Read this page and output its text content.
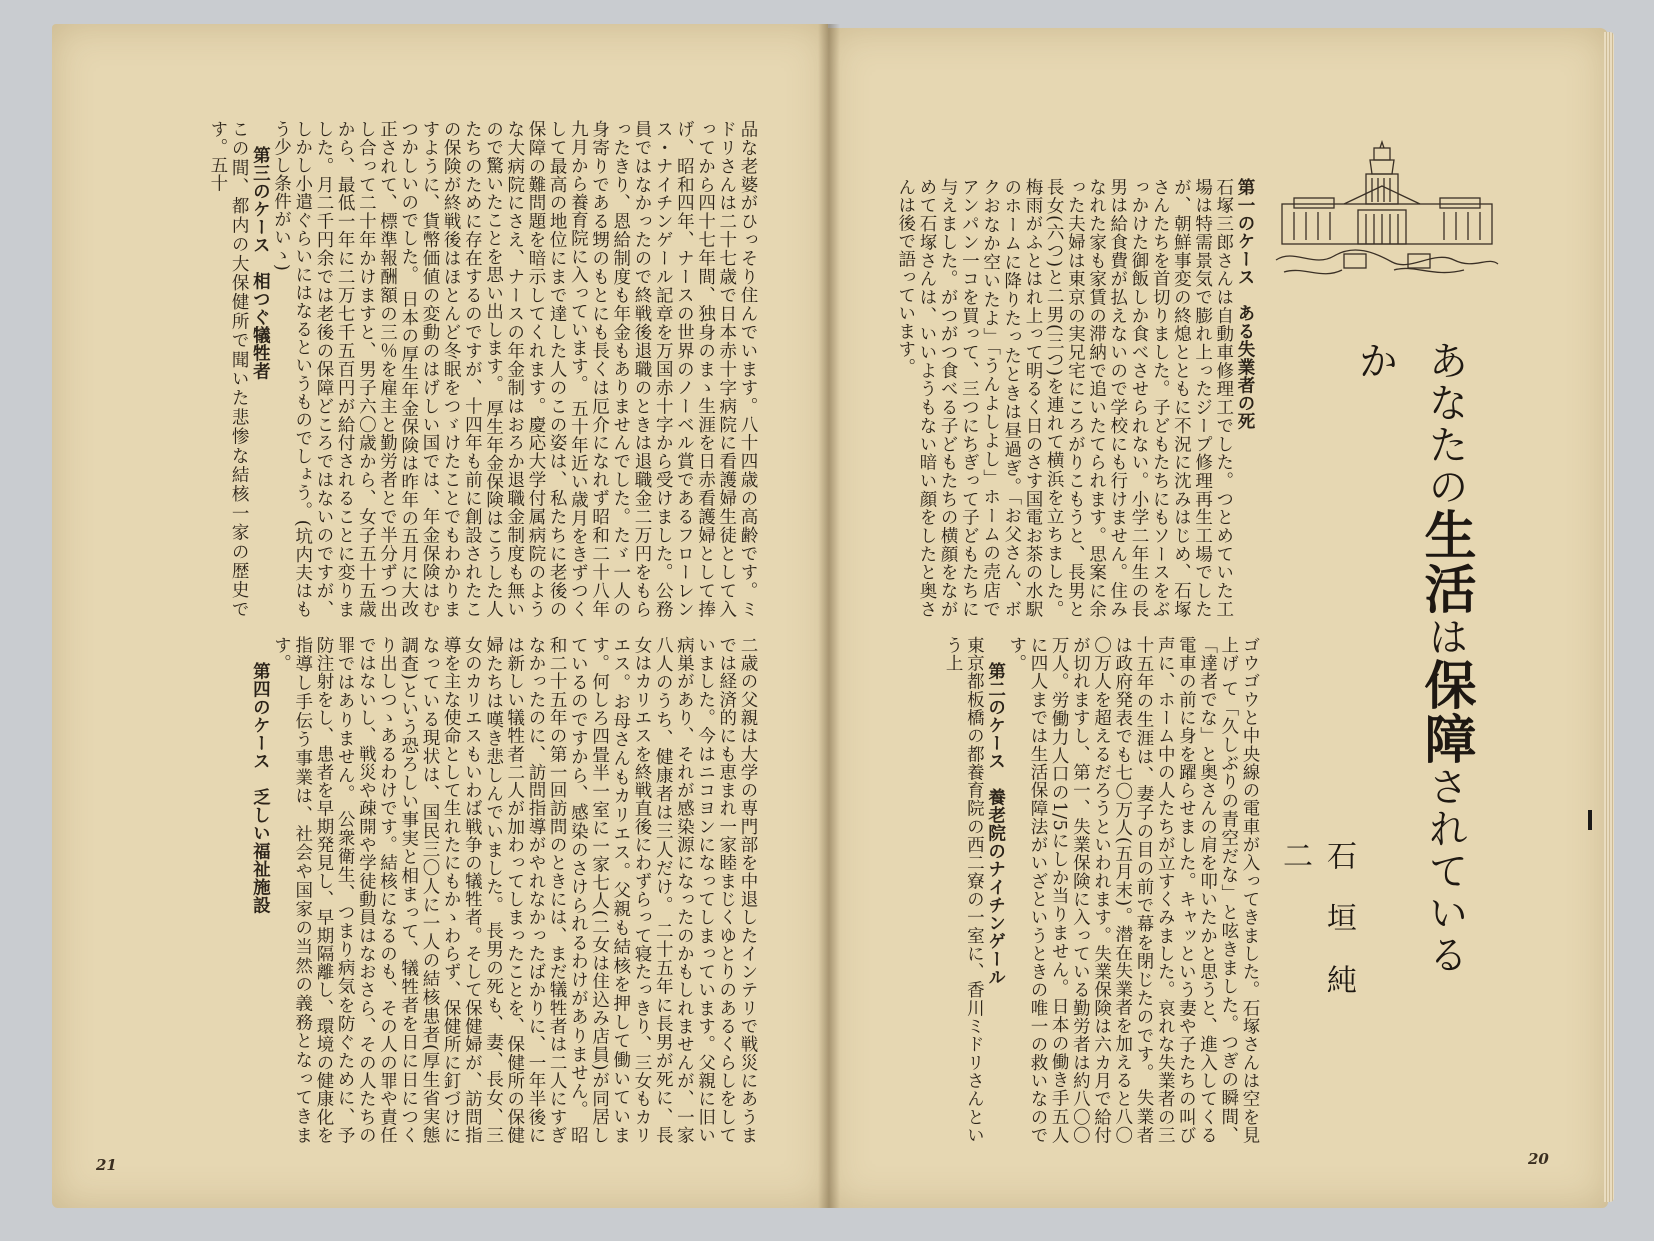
品な老婆がひっそり住んでいます。八十四歳の高齢です。ミドリさんは二十七歳で日本赤十字病院に看護婦生徒として入ってから四十七年間、独身のまゝ生涯を日赤看護婦として捧げ、昭和四年、ナースの世界のノーベル賞であるフローレンス・ナイチンゲール記章を万国赤十字から受けました。公務員ではなかったので終戦後退職のときは退職金二万円をもらったきり、恩給制度も年金もありませんでした。たゞ一人の身寄りである甥のもとにも長くは厄介になれず昭和二十八年九月から養育院に入っています。 五十年近い歳月をきずつくして最高の地位にまで達した人のこの姿は、私たちに老後の保障の難問題を暗示してくれます。慶応大学付属病院のような大病院にさえ、ナースの年金制はおろか退職金制度も無いので驚いたことを思い出します。 厚生年金保険はこうした人たちのために存在するのですが、十四年も前に創設されたこの保険が終戦後はほとんど冬眠をつゞけたことでもわかりますように、貨幣価値の変動のはげしい国では、年金保険はむつかしいのでした。 日本の厚生年金保険は昨年の五月に大改正されて、標準報酬額の三％を雇主と勤労者とで半分ずつ出し合って二十年かけますと、男子六〇歳から、女子五十五歳から、最低一年に二万七千五百円が給付されることに変りました。月二千円余では老後の保障どころではないのですが、しかし小遣ぐらいにはなるというものでしょう。(坑内夫はもう少し条件がいゝ)
第三のケース　相つぐ犠牲者
この間、都内の大保健所で聞いた悲惨な結核一家の歴史です。五十
二歳の父親は大学の専門部を中退したインテリで戦災にあうまでは経済的にも恵まれ一家睦まじくゆとりのあるくらしをしていました。今はニコヨンになってしまっています。父親に旧い病巣があり、それが感染源になったのかもしれませんが、一家八人のうち、健康者は三人だけ。 二十五年に長男が死に、長女はカリエスを終戦直後にわずらって寝たっきり、三女もカリエス。お母さんもカリエス。父親も結核を押して働いています。何しろ四畳半一室に一家七人(二女は住込み店員)が同居しているのですから、感染のさけられるわけがありません。 昭和二十五年の第一回訪問のときには、まだ犠牲者は二人にすぎなかったのに、訪問指導がやれなかったばかりに、一年半後には新しい犠牲者二人が加わってしまったことを、保健所の保健婦たちは嘆き悲しんでいました。 長男の死も、妻、長女、三女のカリエスもいわば戦争の犠牲者。そして保健婦が、訪問指導を主な使命として生れたにもかゝわらず、保健所に釘づけになっている現状は、国民三〇人に一人の結核患者(厚生省実態調査)という恐ろしい事実と相まって、犠牲者を日に日につくり出しつゝあるわけです。結核になるのも、その人の罪や責任ではないし、戦災や疎開や学徒動員はなおさら、その人たちの罪ではありません。 公衆衛生、つまり病気を防ぐために、予防注射をし、患者を早期発見し、早期隔離し、環境の健康化を指導し手伝う事業は、社会や国家の当然の義務となってきます。
第四のケース　乏しい福祉施設
21
第一のケース　ある失業者の死
石塚三郎さんは自動車修理工でした。つとめていた工場は特需景気で膨れ上ったジープ修理再生工場でしたが、朝鮮事変の終熄とともに不況に沈みはじめ、石塚さんたちを首切りました。子どもたちにもソースをぶっかけた御飯しか食べさせられない。小学二年生の長男は給食費が払えないので学校にも行けません。住みなれた家も家賃の滞納で追いたてられます。思案に余った夫婦は東京の実兄宅にころがりこもうと、長男と長女(六つ)と二男(三つ)を連れて横浜を立ちました。 梅雨がふとはれ上って明るく日のさす国電お茶の水駅のホームに降りたったときは昼過ぎ。「お父さん、ボクおなか空いたよ」「うんよしよし」ホームの売店でアンパン一コを買って、三つにちぎって子どもたちに与えました。がつがつ食べる子どもたちの横顔をながめて石塚さんは、いいようもない暗い顔をしたと奥さんは後で語っています。
ゴウゴウと中央線の電車が入ってきました。石塚さんは空を見上げ て「久しぶりの青空だな」と呟きました。つぎの瞬間、「達者でな」と奥さんの肩を叩いたかと思うと、進入してくる電車の前に身を躍らせました。キャッという妻や子たちの叫び声に、ホーム中の人たちが立すくみました。哀れな失業者の三十五年の生涯は、妻子の目の前で幕を閉じたのです。 失業者は政府発表でも七〇万人(五月末)。潜在失業者を加えると八〇〇万人を超えるだろうといわれます。失業保険は六カ月で給付が切れますし、第一、失業保険に入っている勤労者は約八〇〇万人。労働力人口の1/5にしか当りません。日本の働き手五人に四人までは生活保障法がいざというときの唯一の救いなのです。
第二のケース　養老院のナイチンゲール
東京都板橋の都養育院の西二寮の一室に、香川ミドリさんという上
あなたの生活は保障されているか
石垣純二
20
